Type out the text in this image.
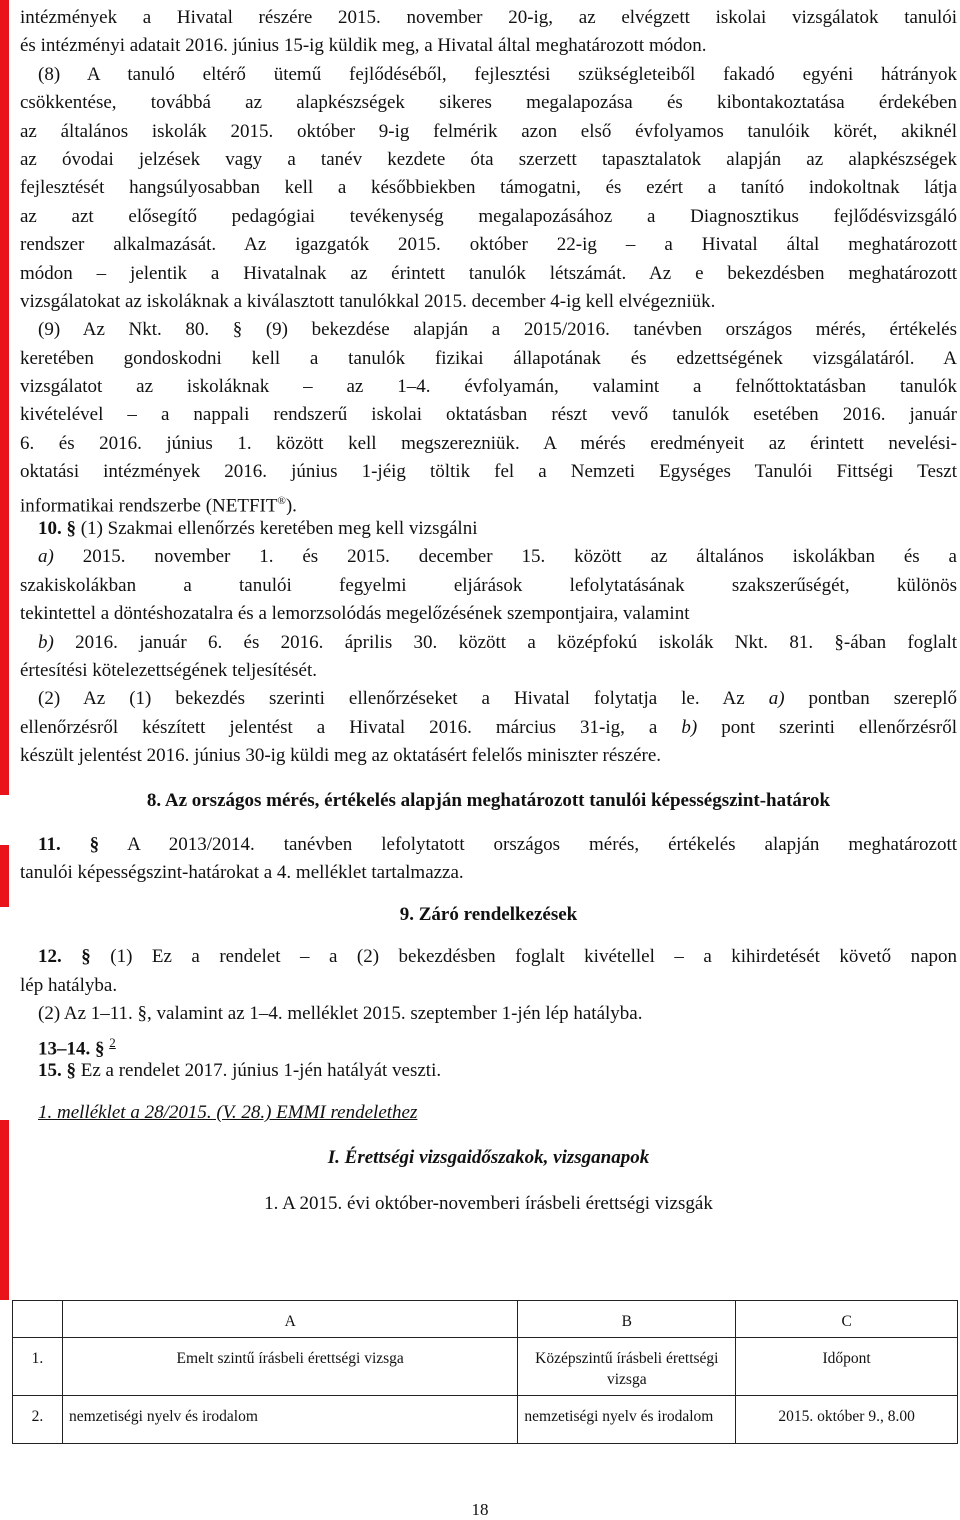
intézmények a Hivatal részére 2015. november 20-ig, az elvégzett iskolai vizsgálatok tanulói
és intézményi adatait 2016. június 15-ig küldik meg, a Hivatal által meghatározott módon.
(8) A tanuló eltérő ütemű fejlődéséből, fejlesztési szükségleteiből fakadó egyéni hátrányok
csökkentése, továbbá az alapkészségek sikeres megalapozása és kibontakoztatása érdekében
az általános iskolák 2015. október 9-ig felmérik azon első évfolyamos tanulóik körét, akiknél
az óvodai jelzések vagy a tanév kezdete óta szerzett tapasztalatok alapján az alapkészségek
fejlesztését hangsúlyosabban kell a későbbiekben támogatni, és ezért a tanító indokoltnak látja
az azt elősegítő pedagógiai tevékenység megalapozásához a Diagnosztikus fejlődésvizsgáló
rendszer alkalmazását. Az igazgatók 2015. október 22-ig – a Hivatal által meghatározott
módon – jelentik a Hivatalnak az érintett tanulók létszámát. Az e bekezdésben meghatározott
vizsgálatokat az iskoláknak a kiválasztott tanulókkal 2015. december 4-ig kell elvégezniük.
(9) Az Nkt. 80. § (9) bekezdése alapján a 2015/2016. tanévben országos mérés, értékelés
keretében gondoskodni kell a tanulók fizikai állapotának és edzettségének vizsgálatáról. A
vizsgálatot az iskoláknak – az 1–4. évfolyamán, valamint a felnőttoktatásban tanulók
kivételével – a nappali rendszerű iskolai oktatásban részt vevő tanulók esetében 2016. január
6. és 2016. június 1. között kell megszerezniük. A mérés eredményeit az érintett nevelési-
oktatási intézmények 2016. június 1-jéig töltik fel a Nemzeti Egységes Tanulói Fittségi Teszt
informatikai rendszerbe (NETFIT®).
10. § (1) Szakmai ellenőrzés keretében meg kell vizsgálni
a) 2015. november 1. és 2015. december 15. között az általános iskolákban és a
szakiskolákban a tanulói fegyelmi eljárások lefolytatásának szakszerűségét, különös
tekintettel a döntéshozatalra és a lemorzsolódás megelőzésének szempontjaira, valamint
b) 2016. január 6. és 2016. április 30. között a középfokú iskolák Nkt. 81. §-ában foglalt
értesítési kötelezettségének teljesítését.
(2) Az (1) bekezdés szerinti ellenőrzéseket a Hivatal folytatja le. Az a) pontban szereplő
ellenőrzésről készített jelentést a Hivatal 2016. március 31-ig, a b) pont szerinti ellenőrzésről
készült jelentést 2016. június 30-ig küldi meg az oktatásért felelős miniszter részére.
8. Az országos mérés, értékelés alapján meghatározott tanulói képességszint-határok
11. § A 2013/2014. tanévben lefolytatott országos mérés, értékelés alapján meghatározott
tanulói képességszint-határokat a 4. melléklet tartalmazza.
9. Záró rendelkezések
12. § (1) Ez a rendelet – a (2) bekezdésben foglalt kivétellel – a kihirdetését követő napon
lép hatályba.
(2) Az 1–11. §, valamint az 1–4. melléklet 2015. szeptember 1-jén lép hatályba.
13–14. § $^2$
15. § Ez a rendelet 2017. június 1-jén hatályát veszti.
1. melléklet a 28/2015. (V. 28.) EMMI rendelethez
I. Érettségi vizsgaidőszakok, vizsganapok
1. A 2015. évi október-novemberi írásbeli érettségi vizsgák
	A	B	C
1.	Emelt szintű írásbeli érettségi vizsga	Középszintű írásbeli érettségi vizsga	Időpont
2.	nemzetiségi nyelv és irodalom	nemzetiségi nyelv és irodalom	2015. október 9., 8.00
18
